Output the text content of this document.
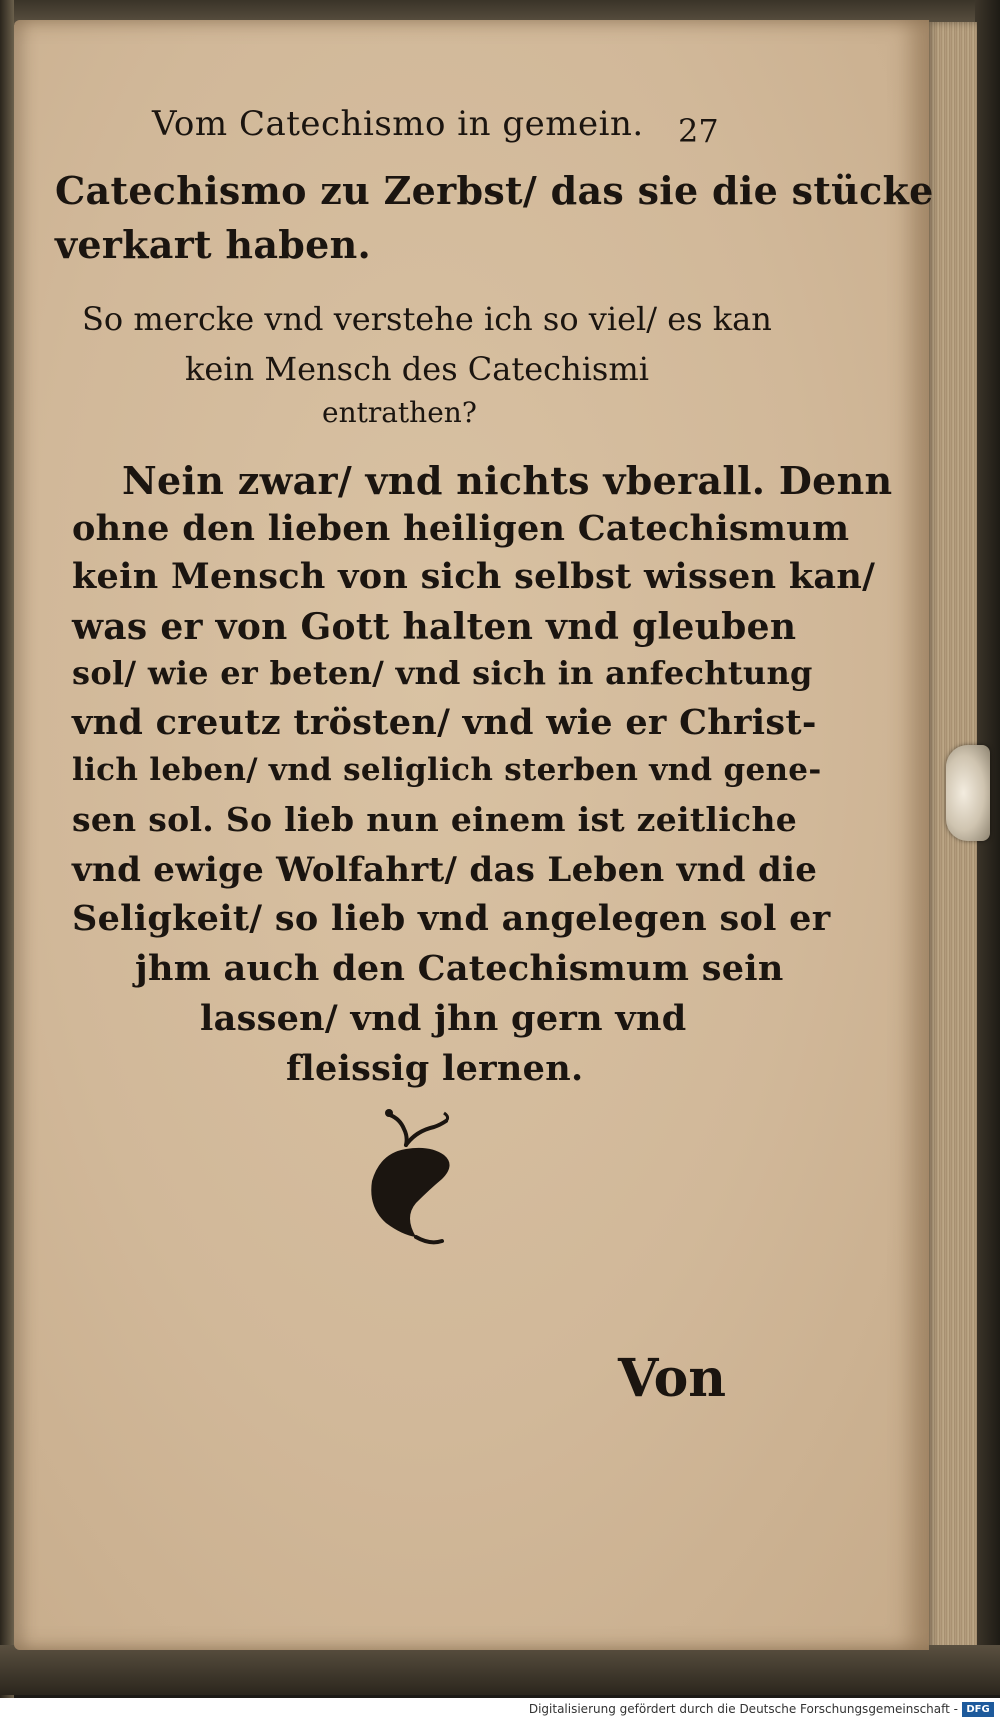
Vom Catechismo in gemein. 27

Catechismo zu Zerbst/ das sie die stücke

verkart haben.

So mercke vnd verstehe ich so viel/ es kan

kein Mensch des Catechismi

entrathen?

Nein zwar/ vnd nichts vberall. Denn

ohne den lieben heiligen Catechismum

kein Mensch von sich selbst wissen kan/

was er von Gott halten vnd gleuben

sol/ wie er beten/ vnd sich in anfechtung

vnd creutz trösten/ vnd wie er Christ-

lich leben/ vnd seliglich sterben vnd gene-

sen sol. So lieb nun einem ist zeitliche

vnd ewige Wolfahrt/ das Leben vnd die

Seligkeit/ so lieb vnd angelegen sol er

jhm auch den Catechismum sein

lassen/ vnd jhn gern vnd

fleissig lernen.

Von

Digitalisierung gefördert durch die Deutsche Forschungsgemeinschaft - DFG
